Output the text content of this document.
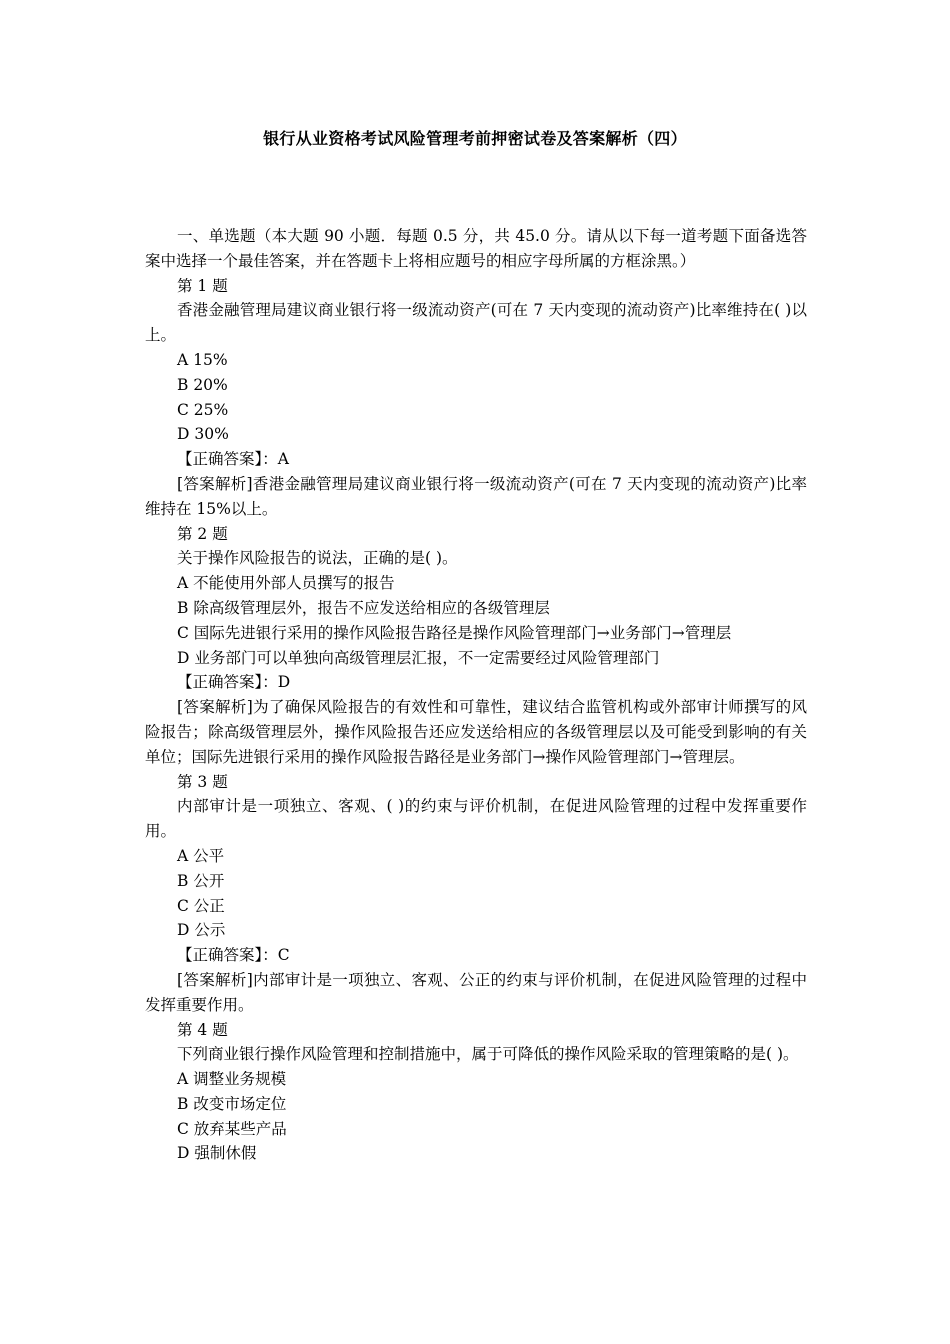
银行从业资格考试风险管理考前押密试卷及答案解析（四）

一、单选题（本大题 90 小题．每题 0.5 分，共 45.0 分。请从以下每一道考题下面备选答案中选择一个最佳答案，并在答题卡上将相应题号的相应字母所属的方框涂黑。）

第 1 题

香港金融管理局建议商业银行将一级流动资产(可在 7 天内变现的流动资产)比率维持在( )以上。

A 15%

B 20%

C 25%

D 30%

【正确答案】：A

[答案解析]香港金融管理局建议商业银行将一级流动资产(可在 7 天内变现的流动资产)比率维持在 15%以上。

第 2 题

关于操作风险报告的说法，正确的是( )。

A 不能使用外部人员撰写的报告

B 除高级管理层外，报告不应发送给相应的各级管理层

C 国际先进银行采用的操作风险报告路径是操作风险管理部门→业务部门→管理层

D 业务部门可以单独向高级管理层汇报，不一定需要经过风险管理部门

【正确答案】：D

[答案解析]为了确保风险报告的有效性和可靠性，建议结合监管机构或外部审计师撰写的风险报告；除高级管理层外，操作风险报告还应发送给相应的各级管理层以及可能受到影响的有关单位；国际先进银行采用的操作风险报告路径是业务部门→操作风险管理部门→管理层。

第 3 题

内部审计是一项独立、客观、( )的约束与评价机制，在促进风险管理的过程中发挥重要作用。

A 公平

B 公开

C 公正

D 公示

【正确答案】：C

[答案解析]内部审计是一项独立、客观、公正的约束与评价机制，在促进风险管理的过程中发挥重要作用。

第 4 题

下列商业银行操作风险管理和控制措施中，属于可降低的操作风险采取的管理策略的是( )。

A 调整业务规模

B 改变市场定位

C 放弃某些产品

D 强制休假
